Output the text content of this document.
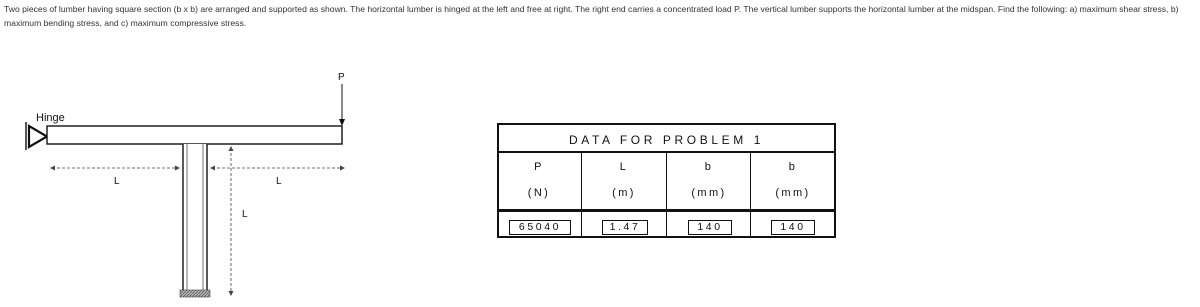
Two pieces of lumber having square section (b x b) are arranged and supported as shown. The horizontal lumber is hinged at the left and free at right. The right end carries a concentrated load P. The vertical lumber supports the horizontal lumber at the midspan. Find the following: a) maximum shear stress, b) maximum bending stress, and c) maximum compressive stress.
Hinge
P
L	L
L
DATA FOR PROBLEM 1
P	L	b	b
(N)	(m)	(mm)	(mm)
65040	1.47	140	140
